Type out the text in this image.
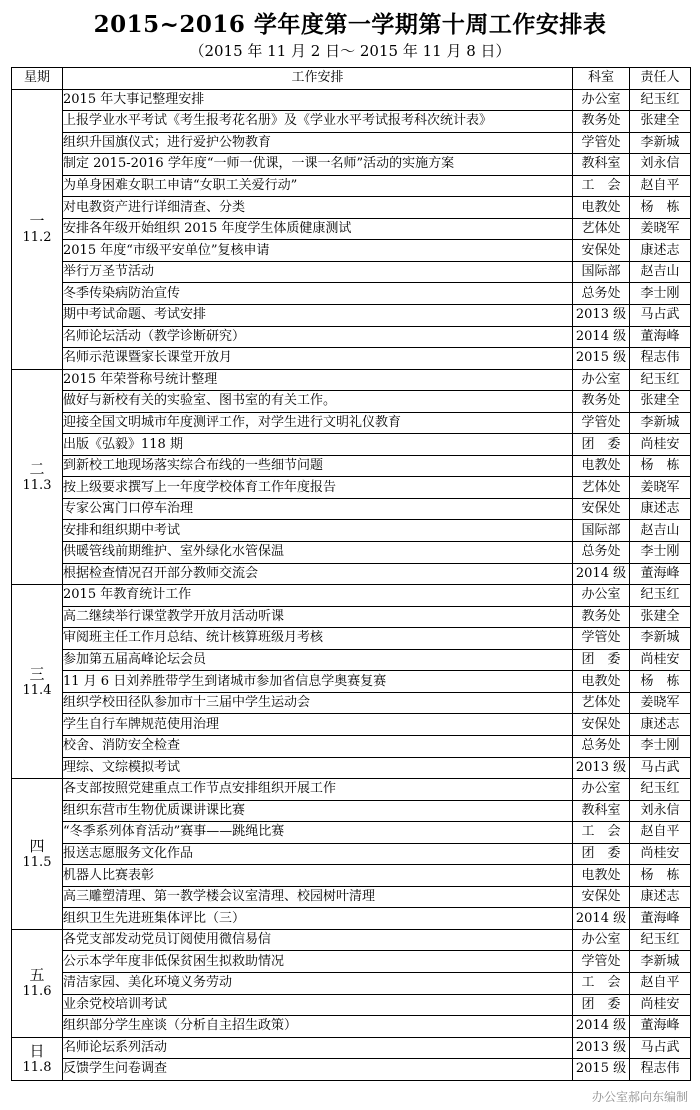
2015~2016 学年度第一学期第十周工作安排表
（2015 年 11 月 2 日～ 2015 年 11 月 8 日）
星期	工作安排	科室	责任人

一
11.2	2015 年大事记整理安排	办公室	纪玉红
	上报学业水平考试《考生报考花名册》及《学业水平考试报考科次统计表》	教务处	张建全
	组织升国旗仪式；进行爱护公物教育	学管处	李新城
	制定 2015-2016 学年度“一师一优课，一课一名师”活动的实施方案	教科室	刘永信
	为单身困难女职工申请“女职工关爱行动”	工　会	赵自平
	对电教资产进行详细清查、分类	电教处	杨　栋
	安排各年级开始组织 2015 年度学生体质健康测试	艺体处	姜晓军
	2015 年度“市级平安单位”复核申请	安保处	康述志
	举行万圣节活动	国际部	赵吉山
	冬季传染病防治宣传	总务处	李士刚
	期中考试命题、考试安排	2013 级	马占武
	名师论坛活动（教学诊断研究）	2014 级	董海峰
	名师示范课暨家长课堂开放月	2015 级	程志伟

二
11.3	2015 年荣誉称号统计整理	办公室	纪玉红
	做好与新校有关的实验室、图书室的有关工作。	教务处	张建全
	迎接全国文明城市年度测评工作，对学生进行文明礼仪教育	学管处	李新城
	出版《弘毅》118 期	团　委	尚桂安
	到新校工地现场落实综合布线的一些细节问题	电教处	杨　栋
	按上级要求撰写上一年度学校体育工作年度报告	艺体处	姜晓军
	专家公寓门口停车治理	安保处	康述志
	安排和组织期中考试	国际部	赵吉山
	供暖管线前期维护、室外绿化水管保温	总务处	李士刚
	根据检查情况召开部分教师交流会	2014 级	董海峰

三
11.4	2015 年教育统计工作	办公室	纪玉红
	高二继续举行课堂教学开放月活动听课	教务处	张建全
	审阅班主任工作月总结、统计核算班级月考核	学管处	李新城
	参加第五届高峰论坛会员	团　委	尚桂安
	11 月 6 日刘养胜带学生到诸城市参加省信息学奥赛复赛	电教处	杨　栋
	组织学校田径队参加市十三届中学生运动会	艺体处	姜晓军
	学生自行车牌规范使用治理	安保处	康述志
	校舍、消防安全检查	总务处	李士刚
	理综、文综模拟考试	2013 级	马占武

四
11.5	各支部按照党建重点工作节点安排组织开展工作	办公室	纪玉红
	组织东营市生物优质课讲课比赛	教科室	刘永信
	“冬季系列体育活动”赛事——跳绳比赛	工　会	赵自平
	报送志愿服务文化作品	团　委	尚桂安
	机器人比赛表彰	电教处	杨　栋
	高三雕塑清理、第一教学楼会议室清理、校园树叶清理	安保处	康述志
	组织卫生先进班集体评比（三）	2014 级	董海峰

五
11.6	各党支部发动党员订阅使用微信易信	办公室	纪玉红
	公示本学年度非低保贫困生拟救助情况	学管处	李新城
	清洁家园、美化环境义务劳动	工　会	赵自平
	业余党校培训考试	团　委	尚桂安
	组织部分学生座谈（分析自主招生政策）	2014 级	董海峰

日
11.8	名师论坛系列活动	2013 级	马占武
	反馈学生问卷调查	2015 级	程志伟
办公室郝向东编制
